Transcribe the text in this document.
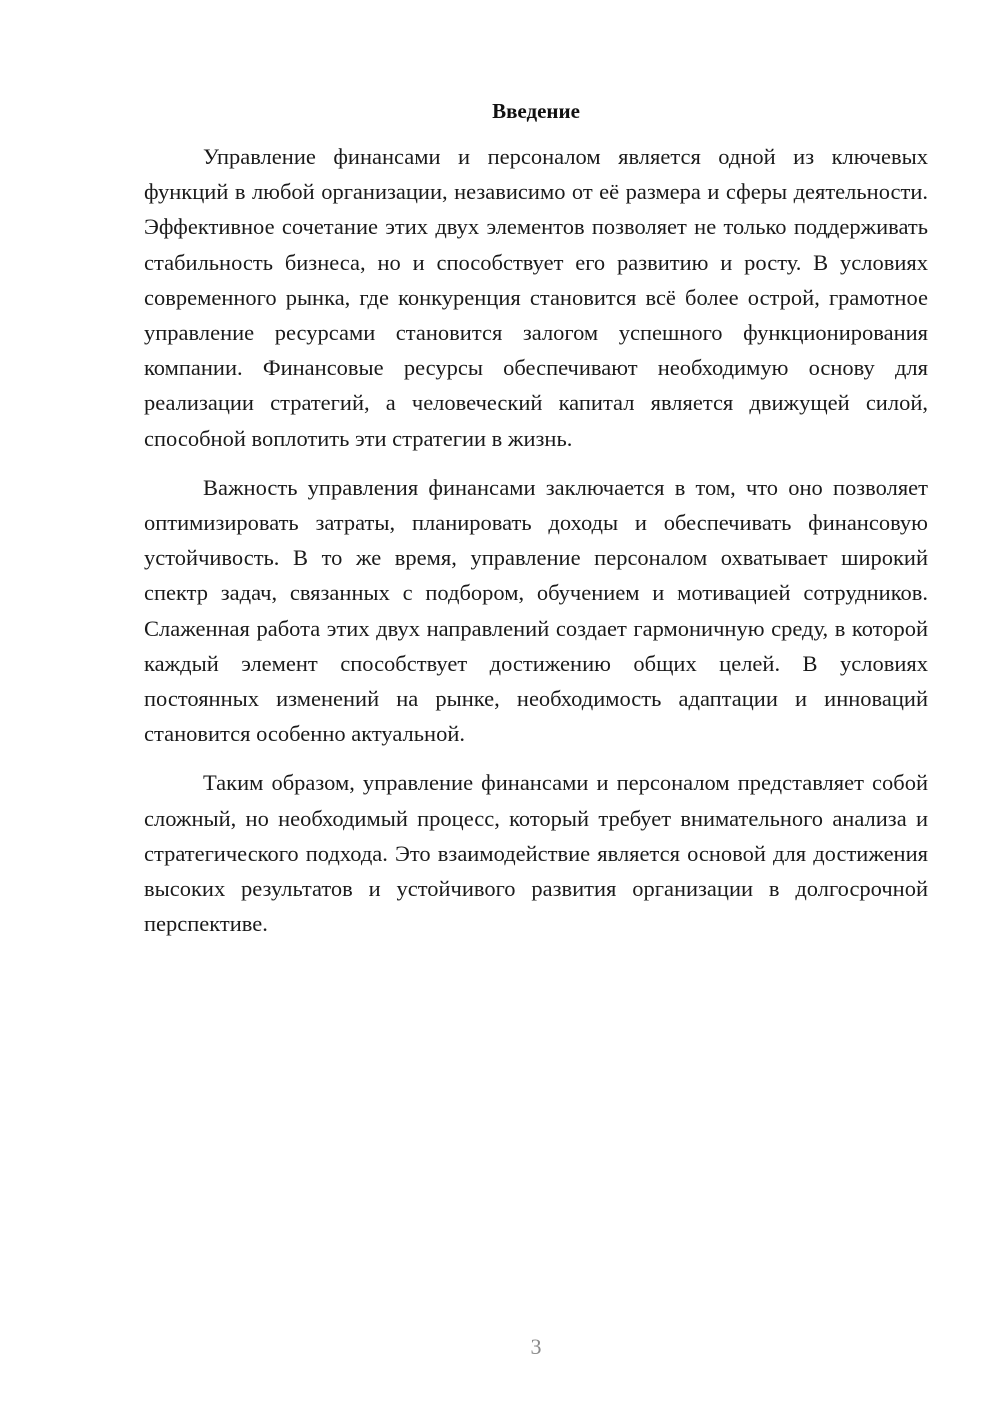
Введение

Управление финансами и персоналом является одной из ключевых функций в любой организации, независимо от её размера и сферы деятельности. Эффективное сочетание этих двух элементов позволяет не только поддерживать стабильность бизнеса, но и способствует его развитию и росту. В условиях современного рынка, где конкуренция становится всё более острой, грамотное управление ресурсами становится залогом успешного функционирования компании. Финансовые ресурсы обеспечивают необходимую основу для реализации стратегий, а человеческий капитал является движущей силой, способной воплотить эти стратегии в жизнь.

Важность управления финансами заключается в том, что оно позволяет оптимизировать затраты, планировать доходы и обеспечивать финансовую устойчивость. В то же время, управление персоналом охватывает широкий спектр задач, связанных с подбором, обучением и мотивацией сотрудников. Слаженная работа этих двух направлений создает гармоничную среду, в которой каждый элемент способствует достижению общих целей. В условиях постоянных изменений на рынке, необходимость адаптации и инноваций становится особенно актуальной.

Таким образом, управление финансами и персоналом представляет собой сложный, но необходимый процесс, который требует внимательного анализа и стратегического подхода. Это взаимодействие является основой для достижения высоких результатов и устойчивого развития организации в долгосрочной перспективе.

3
